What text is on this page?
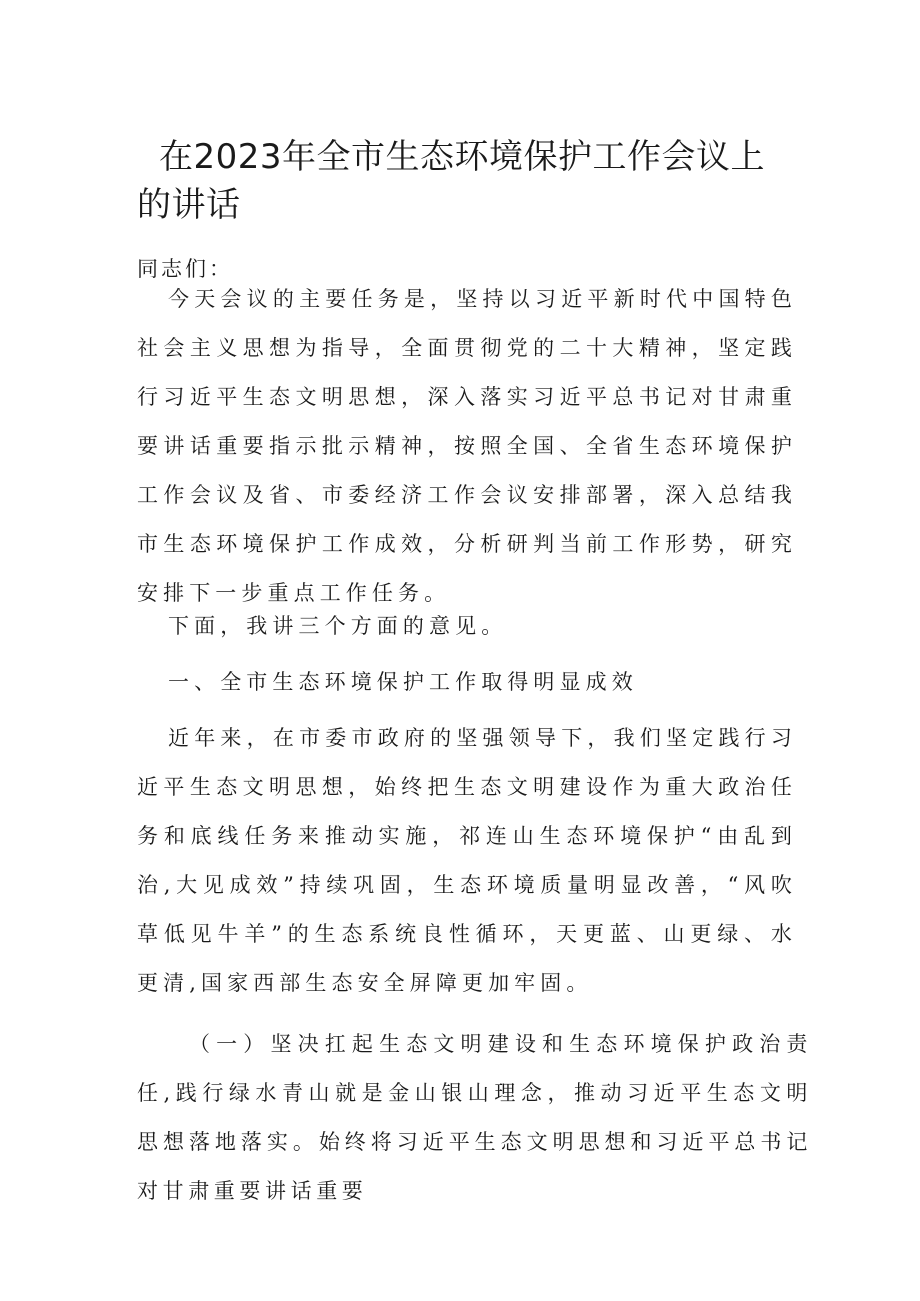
在2023年全市生态环境保护工作会议上的讲话

同志们：

今天会议的主要任务是，坚持以习近平新时代中国特色社会主义思想为指导，全面贯彻党的二十大精神，坚定践行习近平生态文明思想，深入落实习近平总书记对甘肃重要讲话重要指示批示精神，按照全国、全省生态环境保护工作会议及省、市委经济工作会议安排部署，深入总结我市生态环境保护工作成效，分析研判当前工作形势，研究安排下一步重点工作任务。

下面，我讲三个方面的意见。

一、全市生态环境保护工作取得明显成效

近年来，在市委市政府的坚强领导下，我们坚定践行习近平生态文明思想，始终把生态文明建设作为重大政治任务和底线任务来推动实施，祁连山生态环境保护“由乱到治,大见成效”持续巩固，生态环境质量明显改善，“风吹草低见牛羊”的生态系统良性循环，天更蓝、山更绿、水更清,国家西部生态安全屏障更加牢固。

（一）坚决扛起生态文明建设和生态环境保护政治责任,践行绿水青山就是金山银山理念，推动习近平生态文明思想落地落实。始终将习近平生态文明思想和习近平总书记对甘肃重要讲话重要
